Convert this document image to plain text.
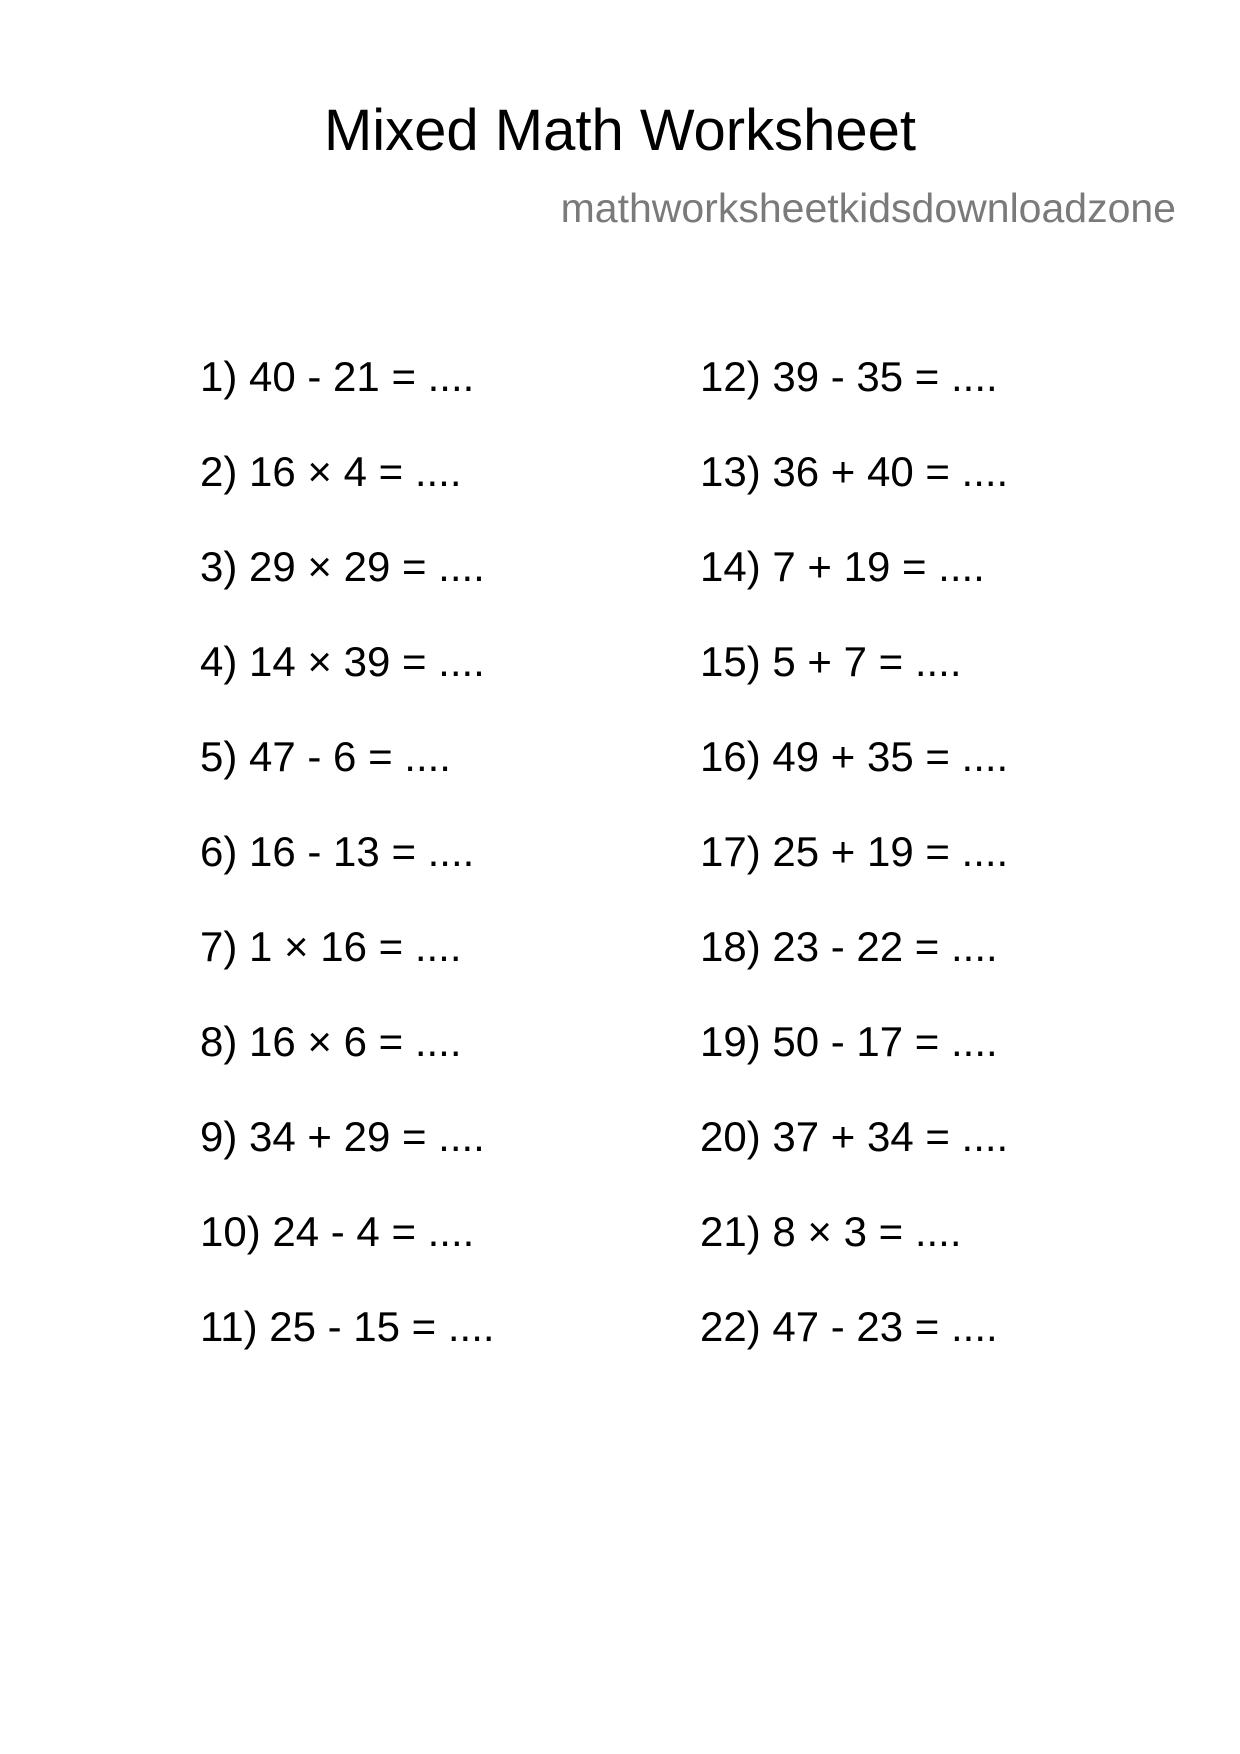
Mixed Math Worksheet
mathworksheetkidsdownloadzone
1) 40 - 21 = ....
2) 16 × 4 = ....
3) 29 × 29 = ....
4) 14 × 39 = ....
5) 47 - 6 = ....
6) 16 - 13 = ....
7) 1 × 16 = ....
8) 16 × 6 = ....
9) 34 + 29 = ....
10) 24 - 4 = ....
11) 25 - 15 = ....
12) 39 - 35 = ....
13) 36 + 40 = ....
14) 7 + 19 = ....
15) 5 + 7 = ....
16) 49 + 35 = ....
17) 25 + 19 = ....
18) 23 - 22 = ....
19) 50 - 17 = ....
20) 37 + 34 = ....
21) 8 × 3 = ....
22) 47 - 23 = ....
